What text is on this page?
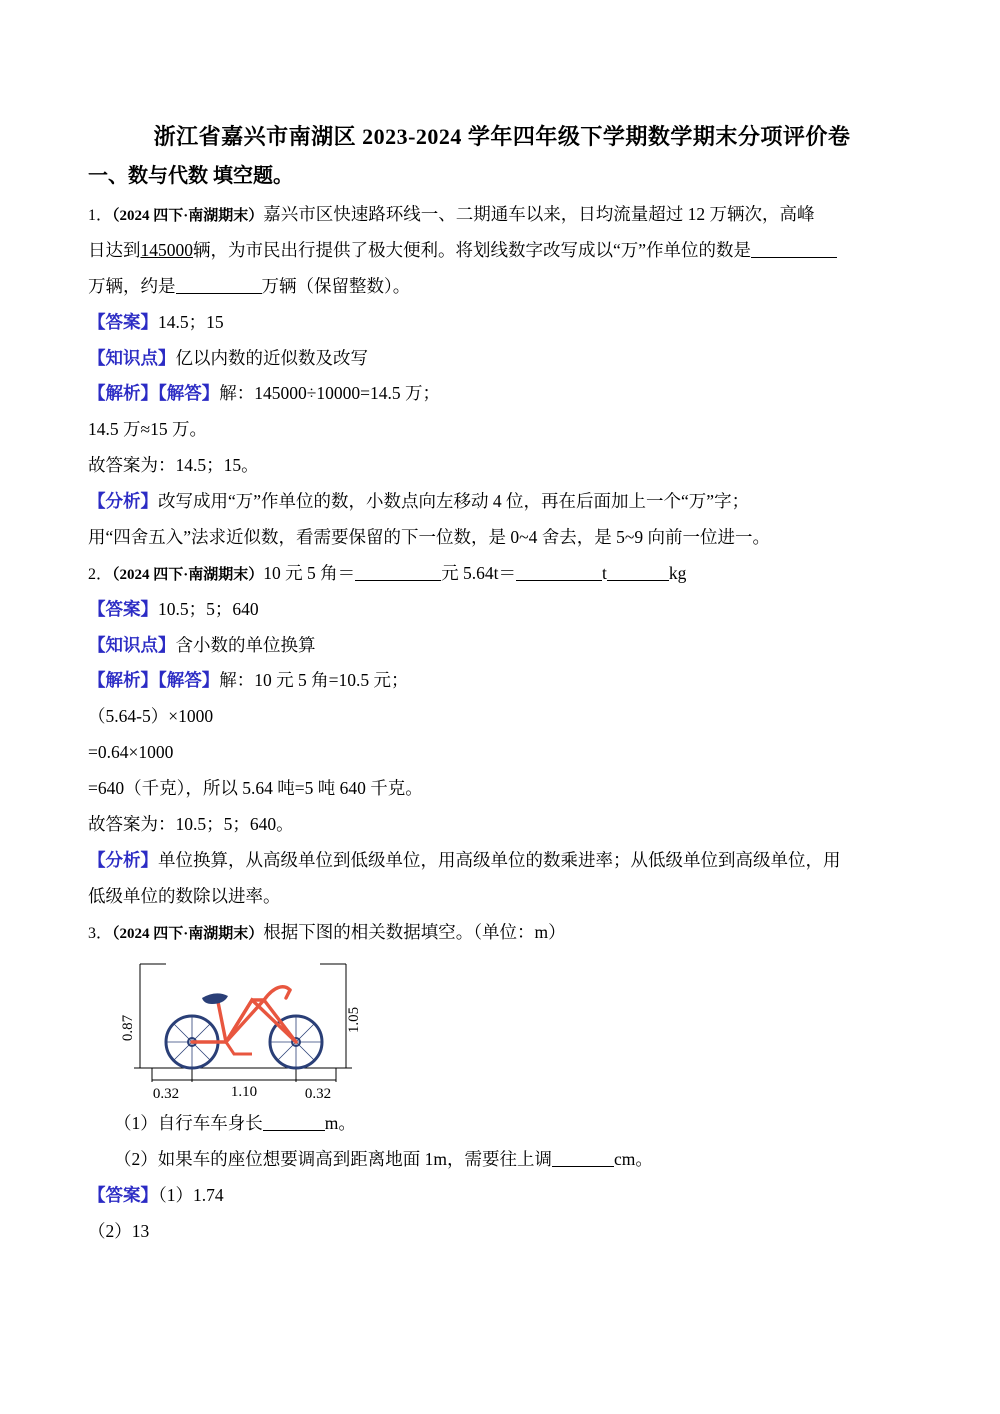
浙江省嘉兴市南湖区 2023-2024 学年四年级下学期数学期末分项评价卷
一、数与代数 填空题。
1．（2024 四下·南湖期末）嘉兴市区快速路环线一、二期通车以来，日均流量超过 12 万辆次，高峰
日达到145000辆，为市民出行提供了极大便利。将划线数字改写成以“万”作单位的数是
万辆，约是	万辆（保留整数）。
【答案】14.5；15
【知识点】亿以内数的近似数及改写
【解析】【解答】解：145000÷10000=14.5 万；
14.5 万≈15 万。
故答案为：14.5；15。
【分析】改写成用“万”作单位的数，小数点向左移动 4 位，再在后面加上一个“万”字；
用“四舍五入”法求近似数，看需要保留的下一位数，是 0~4 舍去，是 5~9 向前一位进一。
2．（2024 四下·南湖期末）10 元 5 角＝	元 5.64t＝	t	kg
【答案】10.5；5；640
【知识点】含小数的单位换算
【解析】【解答】解：10 元 5 角=10.5 元；
（5.64-5）×1000
=0.64×1000
=640（千克），所以 5.64 吨=5 吨 640 千克。
故答案为：10.5；5；640。
【分析】单位换算，从高级单位到低级单位，用高级单位的数乘进率；从低级单位到高级单位，用
低级单位的数除以进率。
3．（2024 四下·南湖期末）根据下图的相关数据填空。（单位：m）
0.87	1.05
0.32	1.10	0.32
（1）自行车车身长	m。
（2）如果车的座位想要调高到距离地面 1m，需要往上调	cm。
【答案】（1）1.74
（2）13
